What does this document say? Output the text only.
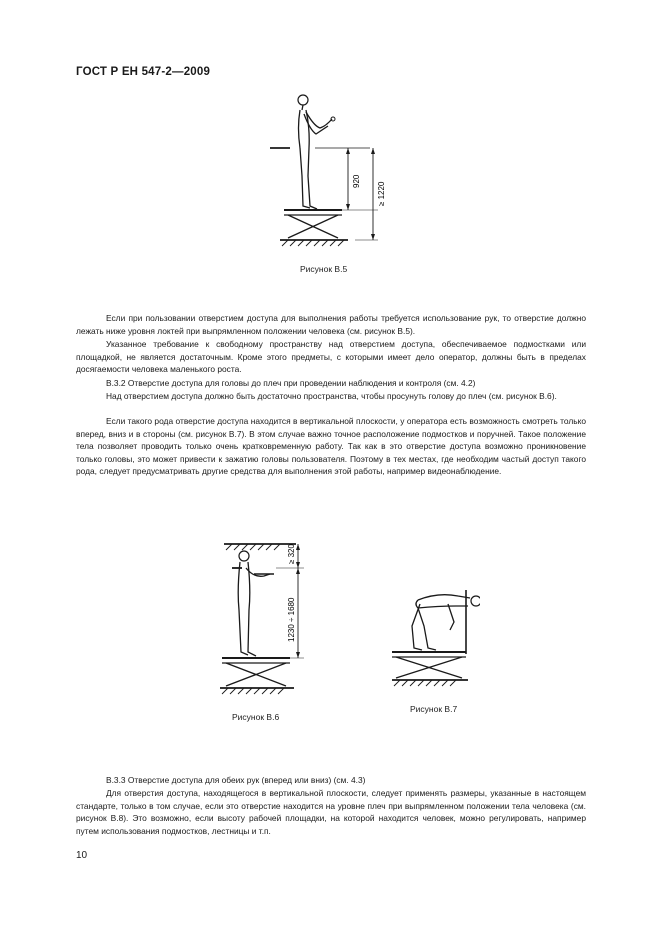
ГОСТ Р ЕН 547-2—2009
920
≥ 1220
Рисунок B.5

Если при пользовании отверстием доступа для выполнения работы требуется использование рук, то отверстие должно лежать ниже уровня локтей при выпрямленном положении человека (см. рисунок B.5).

Указанное требование к свободному пространству над отверстием доступа, обеспечиваемое подмостками или площадкой, не является достаточным. Кроме этого предметы, с которыми имеет дело оператор, должны быть в пределах досягаемости человека маленького роста.

B.3.2 Отверстие доступа для головы до плеч при проведении наблюдения и контроля (см. 4.2)

Над отверстием доступа должно быть достаточно пространства, чтобы просунуть голову до плеч (см. рисунок B.6).

Если такого рода отверстие доступа находится в вертикальной плоскости, у оператора есть возможность смотреть только вперед, вниз и в стороны (см. рисунок B.7). В этом случае важно точное расположение подмостков и поручней. Такое положение тела позволяет проводить только очень кратковременную работу. Так как в это отверстие доступа возможно проникновение только головы, это может привести к зажатию головы пользователя. Поэтому в тех местах, где необходим частый доступ такого рода, следует предусматривать другие средства для выполнения этой работы, например видеонаблюдение.

≥ 320
1230 ÷ 1680
Рисунок B.6
Рисунок B.7

B.3.3 Отверстие доступа для обеих рук (вперед или вниз) (см. 4.3)

Для отверстия доступа, находящегося в вертикальной плоскости, следует применять размеры, указанные в настоящем стандарте, только в том случае, если это отверстие находится на уровне плеч при выпрямленном положении тела человека (см. рисунок B.8). Это возможно, если высоту рабочей площадки, на которой находится человек, можно регулировать, например путем использования подмостков, лестницы и т.п.

10
